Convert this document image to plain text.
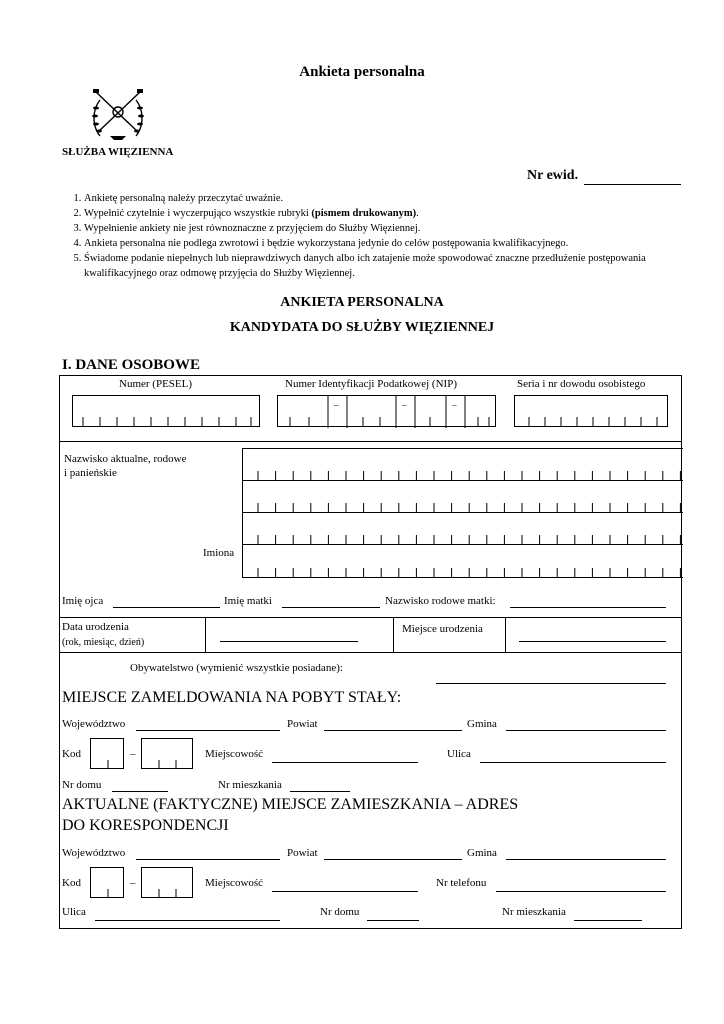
Ankieta personalna
SŁUŻBA WIĘZIENNA
Nr ewid.
1. Ankietę personalną należy przeczytać uważnie.
2. Wypełnić czytelnie i wyczerpująco wszystkie rubryki (pismem drukowanym).
3. Wypełnienie ankiety nie jest równoznaczne z przyjęciem do Służby Więziennej.
4. Ankieta personalna nie podlega zwrotowi i będzie wykorzystana jedynie do celów postępowania kwalifikacyjnego.
5. Świadome podanie niepełnych lub nieprawdziwych danych albo ich zatajenie może spowodować znaczne przedłużenie postępowania kwalifikacyjnego oraz odmowę przyjęcia do Służby Więziennej.
ANKIETA PERSONALNA
KANDYDATA DO SŁUŻBY WIĘZIENNEJ
I. DANE OSOBOWE
Numer (PESEL)	Numer Identyfikacji Podatkowej (NIP)	Seria i nr dowodu osobistego
–	–	–
Nazwisko aktualne, rodowe
i panieńskie
Imiona
Imię ojca	Imię matki	Nazwisko rodowe matki:
Data urodzenia
(rok, miesiąc, dzień)
Miejsce urodzenia
Obywatelstwo (wymienić wszystkie posiadane):
MIEJSCE ZAMELDOWANIA NA POBYT STAŁY:
Województwo	Powiat	Gmina
Kod	–	Miejscowość	Ulica
Nr domu	Nr mieszkania
AKTUALNE (FAKTYCZNE) MIEJSCE ZAMIESZKANIA – ADRES
DO KORESPONDENCJI
Województwo	Powiat	Gmina
Kod	–	Miejscowość	Nr telefonu
Ulica	Nr domu	Nr mieszkania
